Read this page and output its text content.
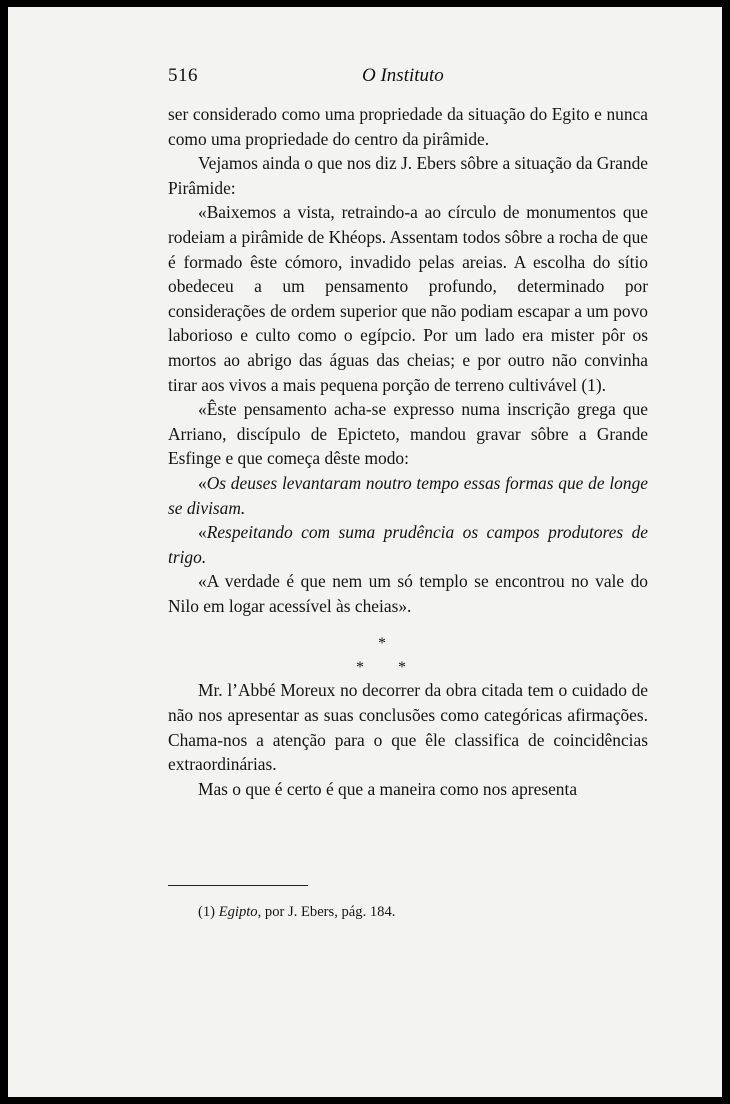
516	O Instituto

ser considerado como uma propriedade da situação do Egito e nunca como uma propriedade do centro da pirâmide.

Vejamos ainda o que nos diz J. Ebers sôbre a situação da Grande Pirâmide:

«Baixemos a vista, retraindo-a ao círculo de monumentos que rodeiam a pirâmide de Khéops. Assentam todos sôbre a rocha de que é formado êste cómoro, invadido pelas areias. A escolha do sítio obedeceu a um pensamento profundo, determinado por considerações de ordem superior que não podiam escapar a um povo laborioso e culto como o egípcio. Por um lado era mister pôr os mortos ao abrigo das águas das cheias; e por outro não convinha tirar aos vivos a mais pequena porção de terreno cultivável (1).

«Êste pensamento acha-se expresso numa inscrição grega que Arriano, discípulo de Epicteto, mandou gravar sôbre a Grande Esfinge e que começa dêste modo:

«Os deuses levantaram noutro tempo essas formas que de longe se divisam.

«Respeitando com suma prudência os campos produtores de trigo.

«A verdade é que nem um só templo se encontrou no vale do Nilo em logar acessível às cheias».

*
* *

Mr. l’Abbé Moreux no decorrer da obra citada tem o cuidado de não nos apresentar as suas conclusões como categóricas afirmações. Chama-nos a atenção para o que êle classifica de coincidências extraordinárias.

Mas o que é certo é que a maneira como nos apresenta

(1) Egipto, por J. Ebers, pág. 184.
